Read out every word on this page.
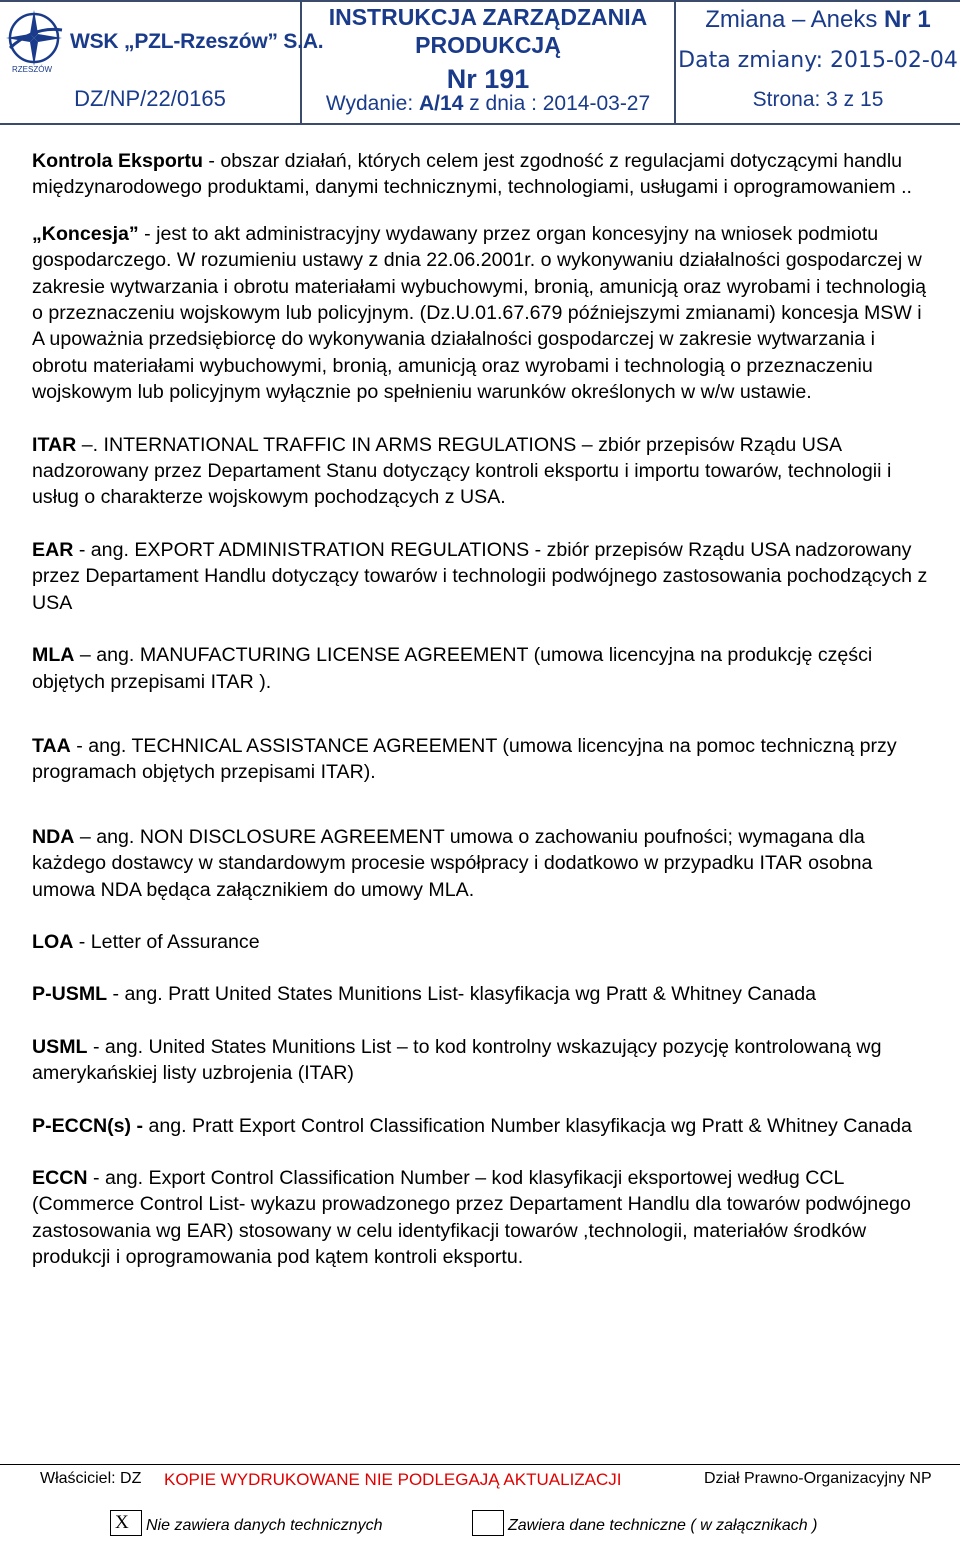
RZESZÓW
WSK „PZL-Rzeszów” S.A.
DZ/NP/22/0165
INSTRUKCJA ZARZĄDZANIA
PRODUKCJĄ
Nr 191
Wydanie: A/14 z dnia : 2014-03-27
Zmiana – Aneks Nr 1
Data zmiany: 2015-02-04
Strona: 3 z 15

Kontrola Eksportu - obszar działań, których celem jest zgodność z regulacjami dotyczącymi handlu międzynarodowego produktami, danymi technicznymi, technologiami, usługami i oprogramowaniem ..

„Koncesja” - jest to akt administracyjny wydawany przez organ koncesyjny na wniosek podmiotu gospodarczego. W rozumieniu ustawy z dnia 22.06.2001r. o wykonywaniu działalności gospodarczej w zakresie wytwarzania i obrotu materiałami wybuchowymi, bronią, amunicją oraz wyrobami i technologią o przeznaczeniu wojskowym lub policyjnym. (Dz.U.01.67.679 późniejszymi zmianami) koncesja MSW i A upoważnia przedsiębiorcę do wykonywania działalności gospodarczej w zakresie wytwarzania i obrotu materiałami wybuchowymi, bronią, amunicją oraz wyrobami i technologią o przeznaczeniu wojskowym lub policyjnym wyłącznie po spełnieniu warunków określonych w w/w ustawie.

ITAR –. INTERNATIONAL TRAFFIC IN ARMS REGULATIONS – zbiór przepisów Rządu USA nadzorowany przez Departament Stanu dotyczący kontroli eksportu i importu towarów, technologii i usług o charakterze wojskowym pochodzących z USA.

EAR - ang. EXPORT ADMINISTRATION REGULATIONS - zbiór przepisów Rządu USA nadzorowany przez Departament Handlu dotyczący towarów i technologii podwójnego zastosowania pochodzących z USA

MLA – ang. MANUFACTURING LICENSE AGREEMENT (umowa licencyjna na produkcję części objętych przepisami ITAR ).

TAA - ang. TECHNICAL ASSISTANCE AGREEMENT (umowa licencyjna na pomoc techniczną przy programach objętych przepisami ITAR).

NDA – ang. NON DISCLOSURE AGREEMENT umowa o zachowaniu poufności; wymagana dla każdego dostawcy w standardowym procesie współpracy i dodatkowo w przypadku ITAR osobna umowa NDA będąca załącznikiem do umowy MLA.

LOA - Letter of Assurance

P-USML - ang. Pratt United States Munitions List- klasyfikacja wg Pratt & Whitney Canada

USML - ang. United States Munitions List – to kod kontrolny wskazujący pozycję kontrolowaną wg amerykańskiej listy uzbrojenia (ITAR)

P-ECCN(s) - ang. Pratt Export Control Classification Number klasyfikacja wg Pratt & Whitney Canada

ECCN - ang. Export Control Classification Number – kod klasyfikacji eksportowej według CCL (Commerce Control List- wykazu prowadzonego przez Departament Handlu dla towarów podwójnego zastosowania wg EAR) stosowany w celu identyfikacji towarów ,technologii, materiałów środków produkcji i oprogramowania pod kątem kontroli eksportu.

Właściciel: DZ KOPIE WYDRUKOWANE NIE PODLEGAJĄ AKTUALIZACJI	Dział Prawno-Organizacyjny NP
X	Nie zawiera danych technicznych	Zawiera dane techniczne ( w załącznikach )
